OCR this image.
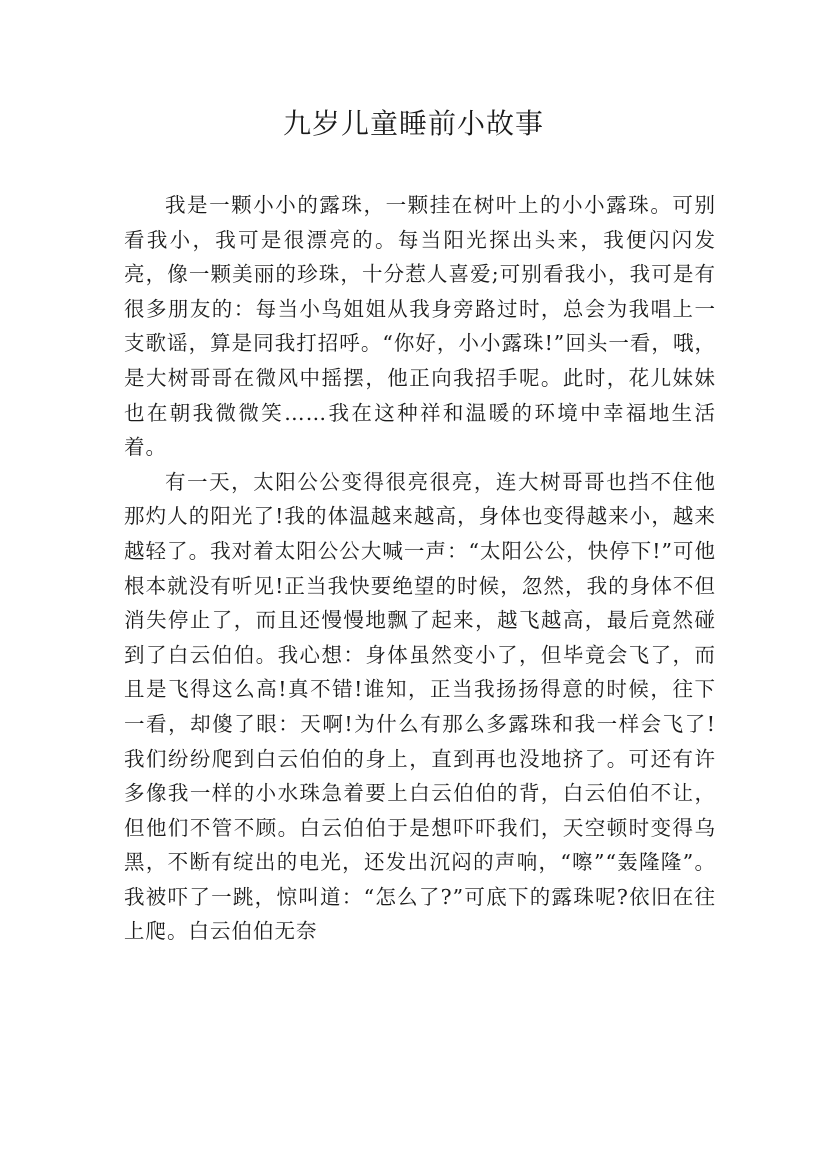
九岁儿童睡前小故事

我是一颗小小的露珠，一颗挂在树叶上的小小露珠。可别看我小，我可是很漂亮的。每当阳光探出头来，我便闪闪发亮，像一颗美丽的珍珠，十分惹人喜爱;可别看我小，我可是有很多朋友的：每当小鸟姐姐从我身旁路过时，总会为我唱上一支歌谣，算是同我打招呼。“你好，小小露珠!”回头一看，哦，是大树哥哥在微风中摇摆，他正向我招手呢。此时，花儿妹妹也在朝我微微笑……我在这种祥和温暖的环境中幸福地生活着。

有一天，太阳公公变得很亮很亮，连大树哥哥也挡不住他那灼人的阳光了!我的体温越来越高，身体也变得越来小，越来越轻了。我对着太阳公公大喊一声：“太阳公公，快停下!”可他根本就没有听见!正当我快要绝望的时候，忽然，我的身体不但消失停止了，而且还慢慢地飘了起来，越飞越高，最后竟然碰到了白云伯伯。我心想：身体虽然变小了，但毕竟会飞了，而且是飞得这么高!真不错!谁知，正当我扬扬得意的时候，往下一看，却傻了眼：天啊!为什么有那么多露珠和我一样会飞了!我们纷纷爬到白云伯伯的身上，直到再也没地挤了。可还有许多像我一样的小水珠急着要上白云伯伯的背，白云伯伯不让，但他们不管不顾。白云伯伯于是想吓吓我们，天空顿时变得乌黑，不断有绽出的电光，还发出沉闷的声响，“嚓”“轰隆隆”。我被吓了一跳，惊叫道：“怎么了?”可底下的露珠呢?依旧在往上爬。白云伯伯无奈
